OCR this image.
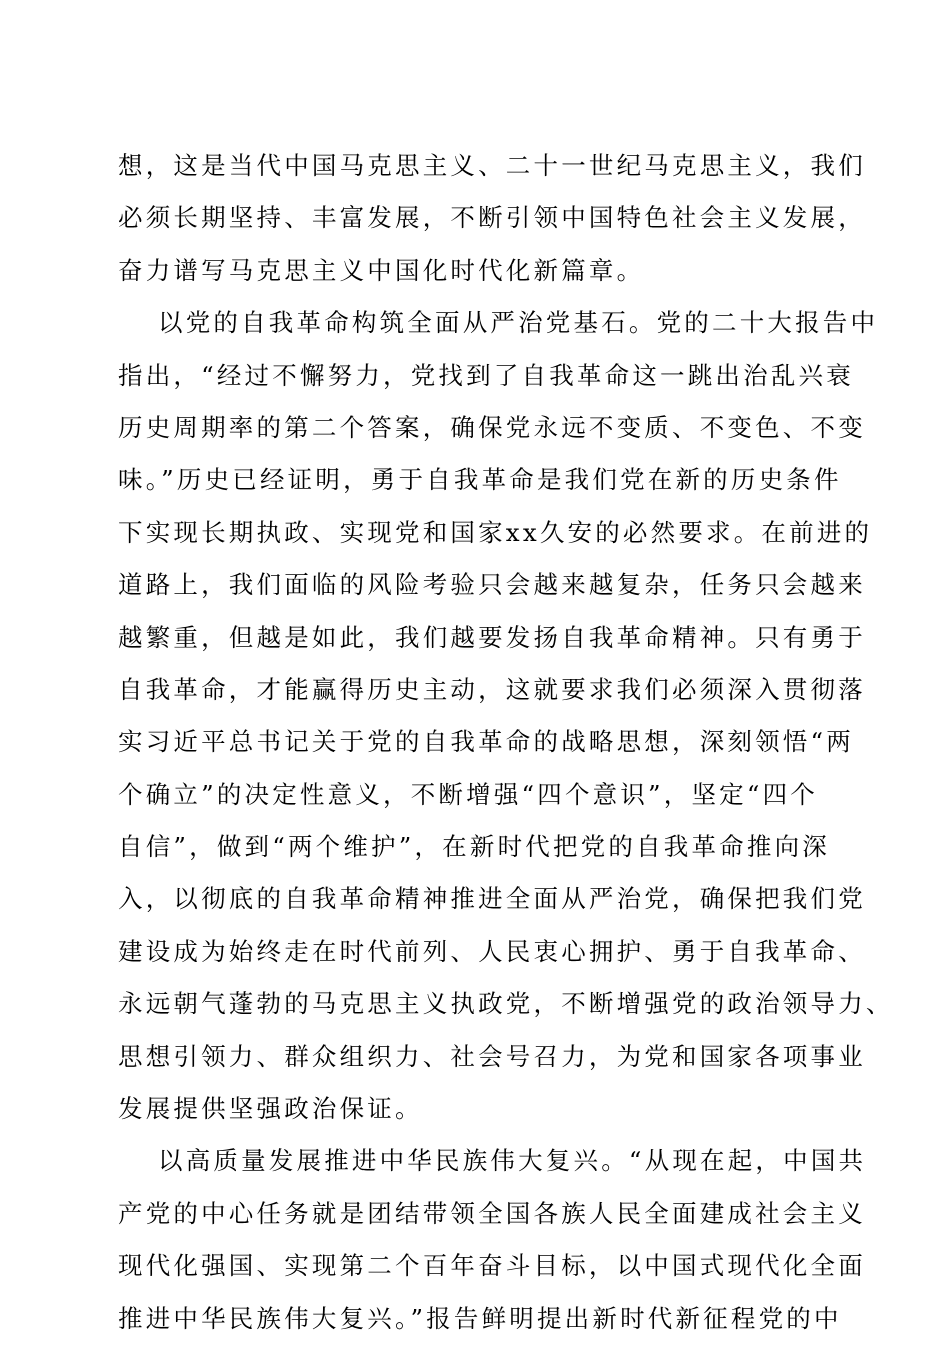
想，这是当代中国马克思主义、二十一世纪马克思主义，我们
必须长期坚持、丰富发展，不断引领中国特色社会主义发展，
奋力谱写马克思主义中国化时代化新篇章。
以党的自我革命构筑全面从严治党基石。党的二十大报告中
指出，“经过不懈努力，党找到了自我革命这一跳出治乱兴衰
历史周期率的第二个答案，确保党永远不变质、不变色、不变
味。”历史已经证明，勇于自我革命是我们党在新的历史条件
下实现长期执政、实现党和国家xx久安的必然要求。在前进的
道路上，我们面临的风险考验只会越来越复杂，任务只会越来
越繁重，但越是如此，我们越要发扬自我革命精神。只有勇于
自我革命，才能赢得历史主动，这就要求我们必须深入贯彻落
实习近平总书记关于党的自我革命的战略思想，深刻领悟“两
个确立”的决定性意义，不断增强“四个意识”，坚定“四个
自信”，做到“两个维护”，在新时代把党的自我革命推向深
入，以彻底的自我革命精神推进全面从严治党，确保把我们党
建设成为始终走在时代前列、人民衷心拥护、勇于自我革命、
永远朝气蓬勃的马克思主义执政党，不断增强党的政治领导力、
思想引领力、群众组织力、社会号召力，为党和国家各项事业
发展提供坚强政治保证。
以高质量发展推进中华民族伟大复兴。“从现在起，中国共
产党的中心任务就是团结带领全国各族人民全面建成社会主义
现代化强国、实现第二个百年奋斗目标，以中国式现代化全面
推进中华民族伟大复兴。”报告鲜明提出新时代新征程党的中
